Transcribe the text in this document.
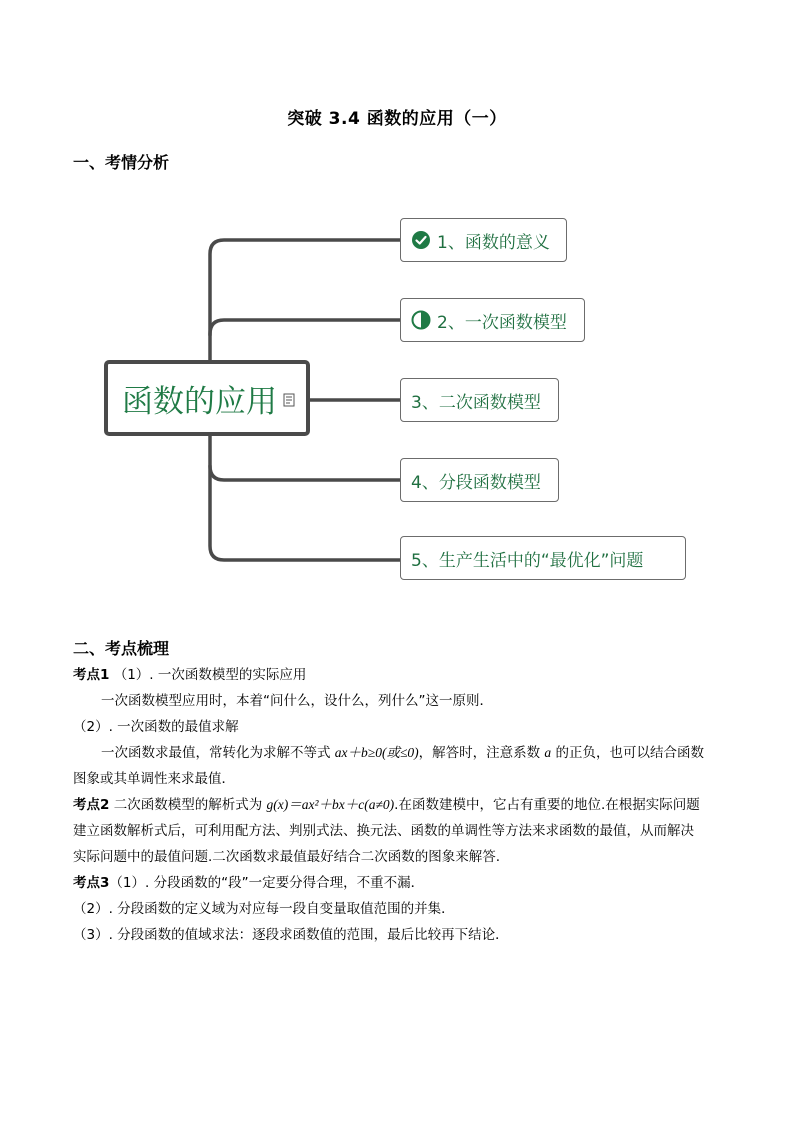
突破 3.4 函数的应用（一）
一、考情分析
函数的应用
1、函数的意义
2、一次函数模型
3、二次函数模型
4、分段函数模型
5、生产生活中的“最优化”问题
二、考点梳理
考点1 （1）. 一次函数模型的实际应用
一次函数模型应用时，本着“问什么，设什么，列什么”这一原则．
（2）. 一次函数的最值求解
一次函数求最值，常转化为求解不等式 ax＋b≥0(或≤0)，解答时，注意系数 a 的正负，也可以结合函数
图象或其单调性来求最值．
考点2 二次函数模型的解析式为 g(x)＝ax²＋bx＋c(a≠0).在函数建模中，它占有重要的地位.在根据实际问题
建立函数解析式后，可利用配方法、判别式法、换元法、函数的单调性等方法来求函数的最值，从而解决
实际问题中的最值问题.二次函数求最值最好结合二次函数的图象来解答.
考点3（1）. 分段函数的“段”一定要分得合理，不重不漏．
（2）. 分段函数的定义域为对应每一段自变量取值范围的并集．
（3）. 分段函数的值域求法：逐段求函数值的范围，最后比较再下结论．
